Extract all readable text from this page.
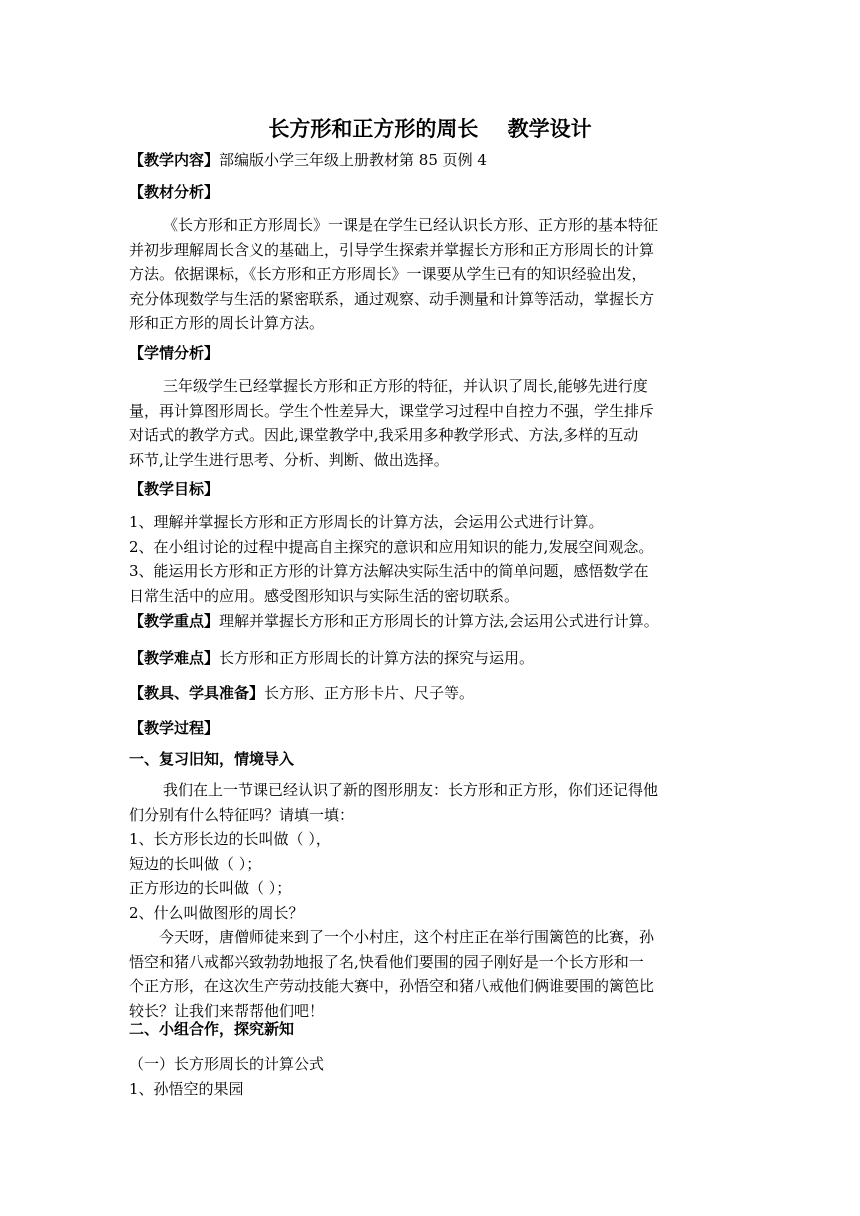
长方形和正方形的周长    教学设计
【教学内容】部编版小学三年级上册教材第 85 页例 4
【教材分析】
《长方形和正方形周长》一课是在学生已经认识长方形、正方形的基本特征
并初步理解周长含义的基础上，引导学生探索并掌握长方形和正方形周长的计算
方法。依据课标，《长方形和正方形周长》一课要从学生已有的知识经验出发，
充分体现数学与生活的紧密联系，通过观察、动手测量和计算等活动，掌握长方
形和正方形的周长计算方法。
【学情分析】
三年级学生已经掌握长方形和正方形的特征，并认识了周长,能够先进行度
量，再计算图形周长。学生个性差异大，课堂学习过程中自控力不强，学生排斥
对话式的教学方式。因此,课堂教学中,我采用多种教学形式、方法,多样的互动
环节,让学生进行思考、分析、判断、做出选择。
【教学目标】
1、理解并掌握长方形和正方形周长的计算方法，会运用公式进行计算。
2、在小组讨论的过程中提高自主探究的意识和应用知识的能力,发展空间观念。
3、能运用长方形和正方形的计算方法解决实际生活中的简单问题，感悟数学在
日常生活中的应用。感受图形知识与实际生活的密切联系。
【教学重点】理解并掌握长方形和正方形周长的计算方法,会运用公式进行计算。
【教学难点】长方形和正方形周长的计算方法的探究与运用。
【教具、学具准备】长方形、正方形卡片、尺子等。
【教学过程】
一、复习旧知，情境导入
我们在上一节课已经认识了新的图形朋友：长方形和正方形，你们还记得他
们分别有什么特征吗？请填一填：
1、长方形长边的长叫做（ ），
短边的长叫做（ ）；
正方形边的长叫做（ ）；
2、什么叫做图形的周长？
今天呀，唐僧师徒来到了一个小村庄，这个村庄正在举行围篱笆的比赛，孙
悟空和猪八戒都兴致勃勃地报了名,快看他们要围的园子刚好是一个长方形和一
个正方形，在这次生产劳动技能大赛中，孙悟空和猪八戒他们俩谁要围的篱笆比
较长？让我们来帮帮他们吧！
二、小组合作，探究新知
（一）长方形周长的计算公式
1、孙悟空的果园
